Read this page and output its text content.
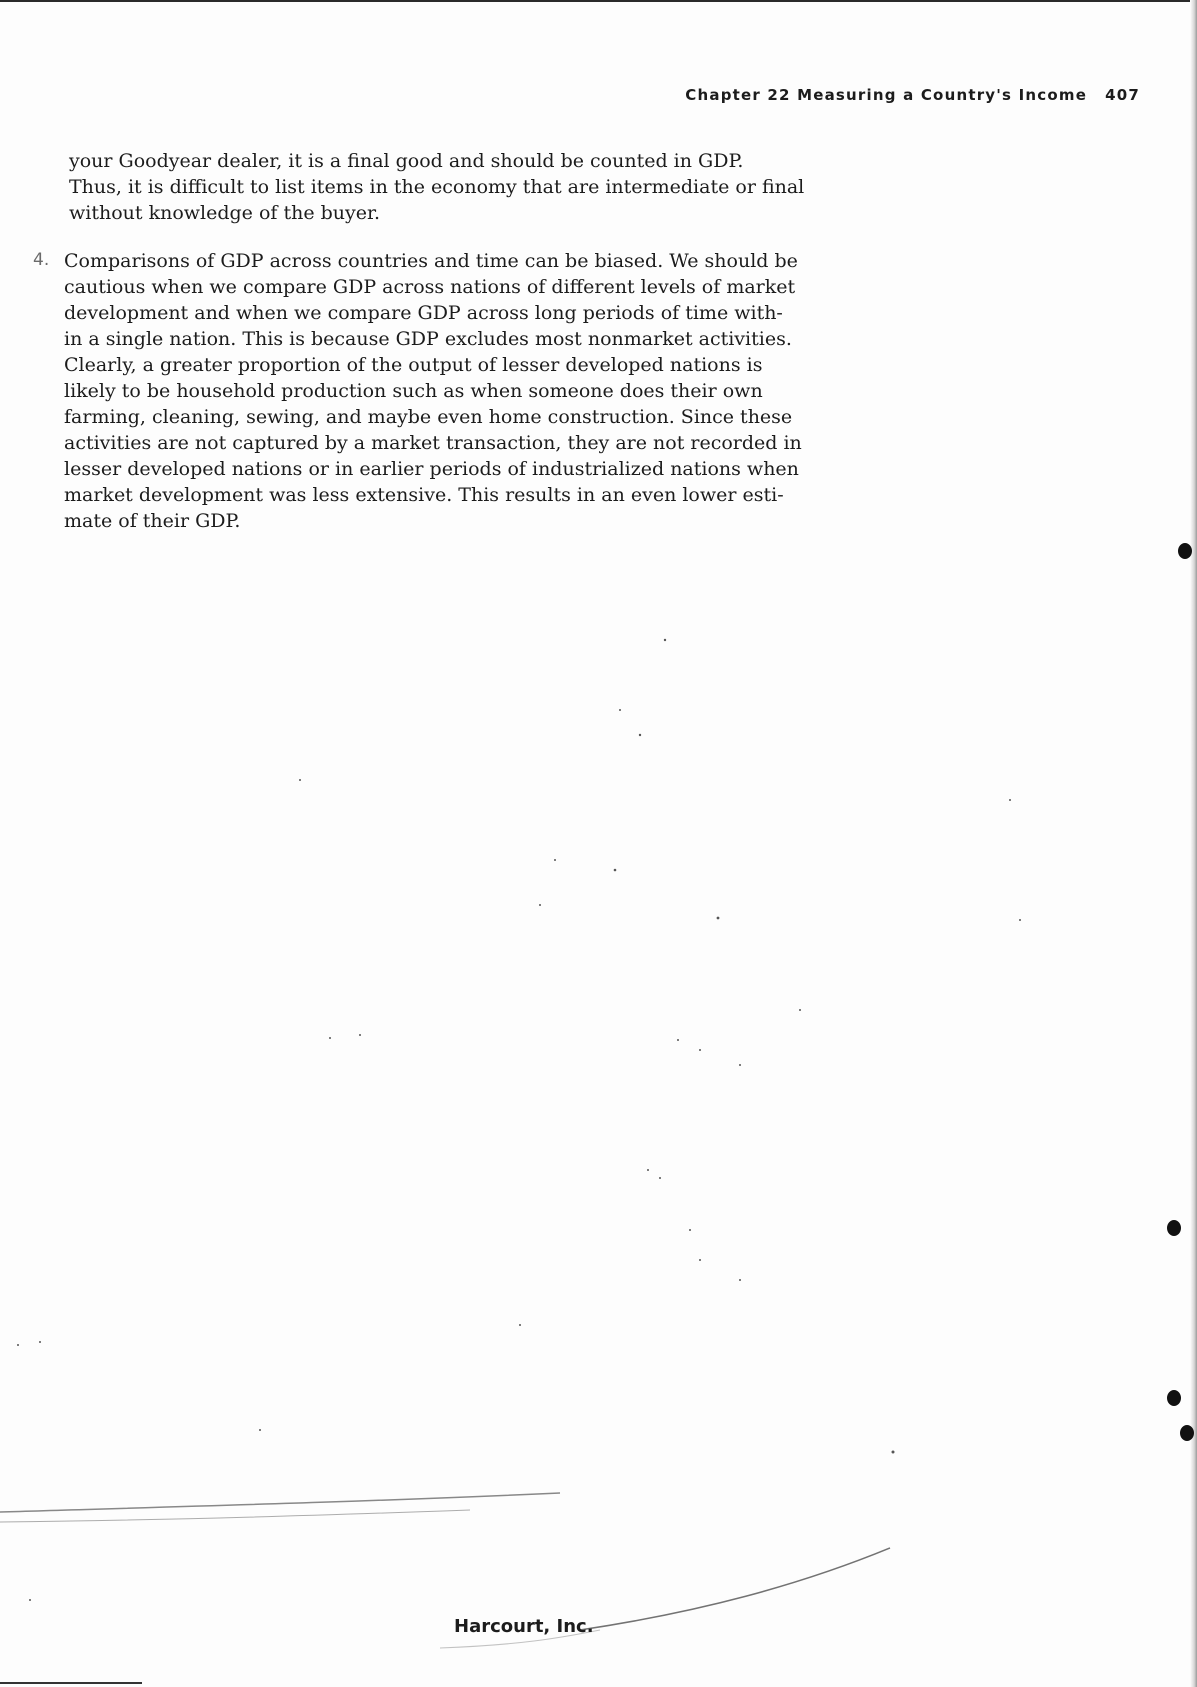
Chapter 22 Measuring a Country's Income 407
your Goodyear dealer, it is a final good and should be counted in GDP.
Thus, it is difficult to list items in the economy that are intermediate or final
without knowledge of the buyer.
4. Comparisons of GDP across countries and time can be biased. We should be
cautious when we compare GDP across nations of different levels of market
development and when we compare GDP across long periods of time with-
in a single nation. This is because GDP excludes most nonmarket activities.
Clearly, a greater proportion of the output of lesser developed nations is
likely to be household production such as when someone does their own
farming, cleaning, sewing, and maybe even home construction. Since these
activities are not captured by a market transaction, they are not recorded in
lesser developed nations or in earlier periods of industrialized nations when
market development was less extensive. This results in an even lower esti-
mate of their GDP.
Harcourt, Inc.
